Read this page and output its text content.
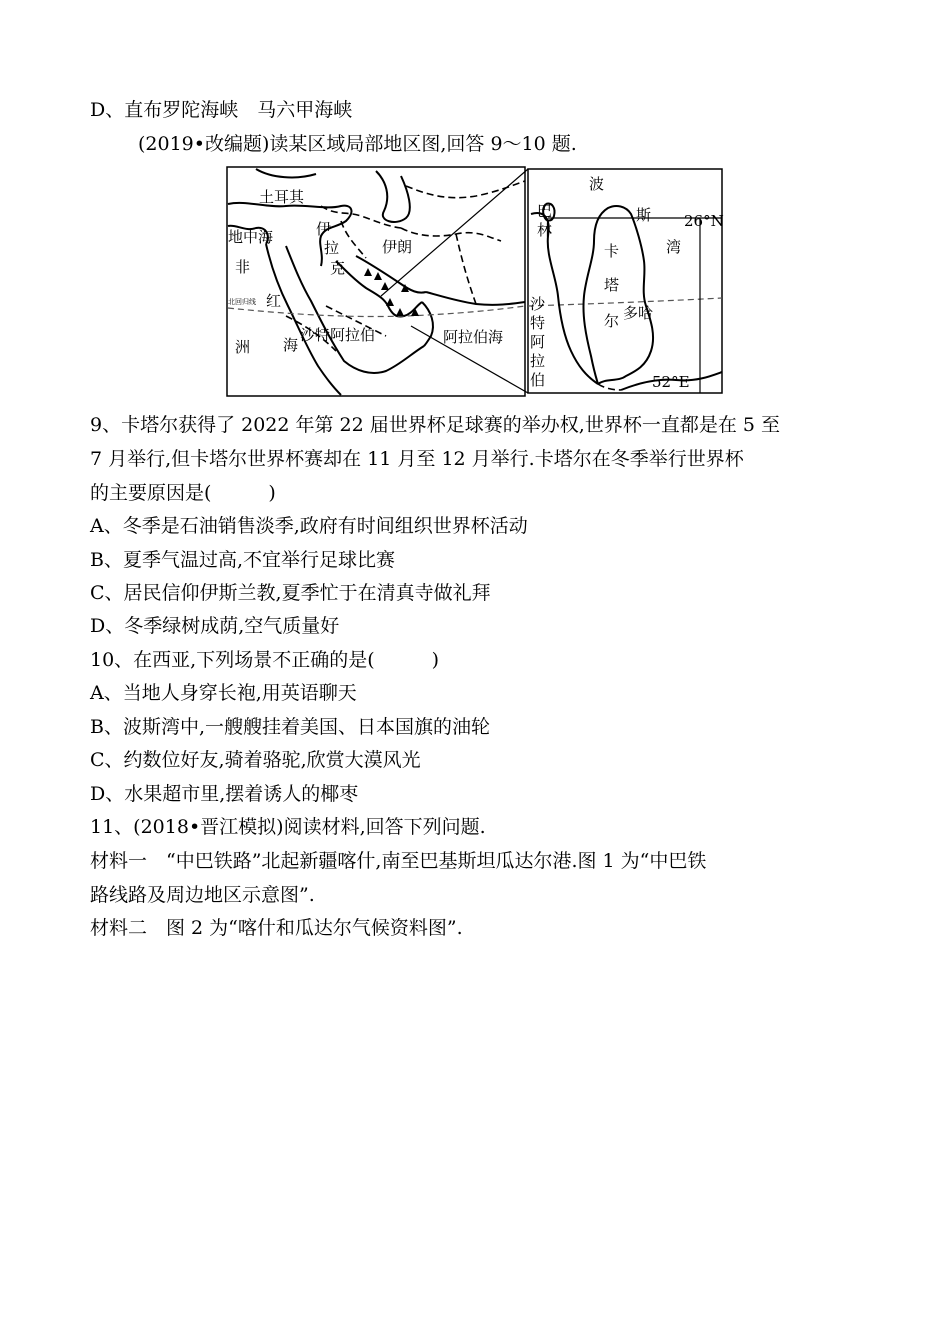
D、直布罗陀海峡　马六甲海峡
(2019•改编题)读某区域局部地区图,回答 9～10 题.
土耳其
地中海
非
洲
伊
拉
克
伊朗
红
海
沙特阿拉伯	阿拉伯海
北回归线
波
斯
湾
巴
林
卡
塔
尔 多哈
沙
特
阿
拉
伯
26°N
52°E
9、卡塔尔获得了 2022 年第 22 届世界杯足球赛的举办权,世界杯一直都是在 5 至
7 月举行,但卡塔尔世界杯赛却在 11 月至 12 月举行.卡塔尔在冬季举行世界杯
的主要原因是(　　　)
A、冬季是石油销售淡季,政府有时间组织世界杯活动
B、夏季气温过高,不宜举行足球比赛
C、居民信仰伊斯兰教,夏季忙于在清真寺做礼拜
D、冬季绿树成荫,空气质量好
10、在西亚,下列场景不正确的是(　　　)
A、当地人身穿长袍,用英语聊天
B、波斯湾中,一艘艘挂着美国、日本国旗的油轮
C、约数位好友,骑着骆驼,欣赏大漠风光
D、水果超市里,摆着诱人的椰枣
11、(2018•晋江模拟)阅读材料,回答下列问题.
材料一　“中巴铁路”北起新疆喀什,南至巴基斯坦瓜达尔港.图 1 为“中巴铁
路线路及周边地区示意图”.
材料二　图 2 为“喀什和瓜达尔气候资料图”.
